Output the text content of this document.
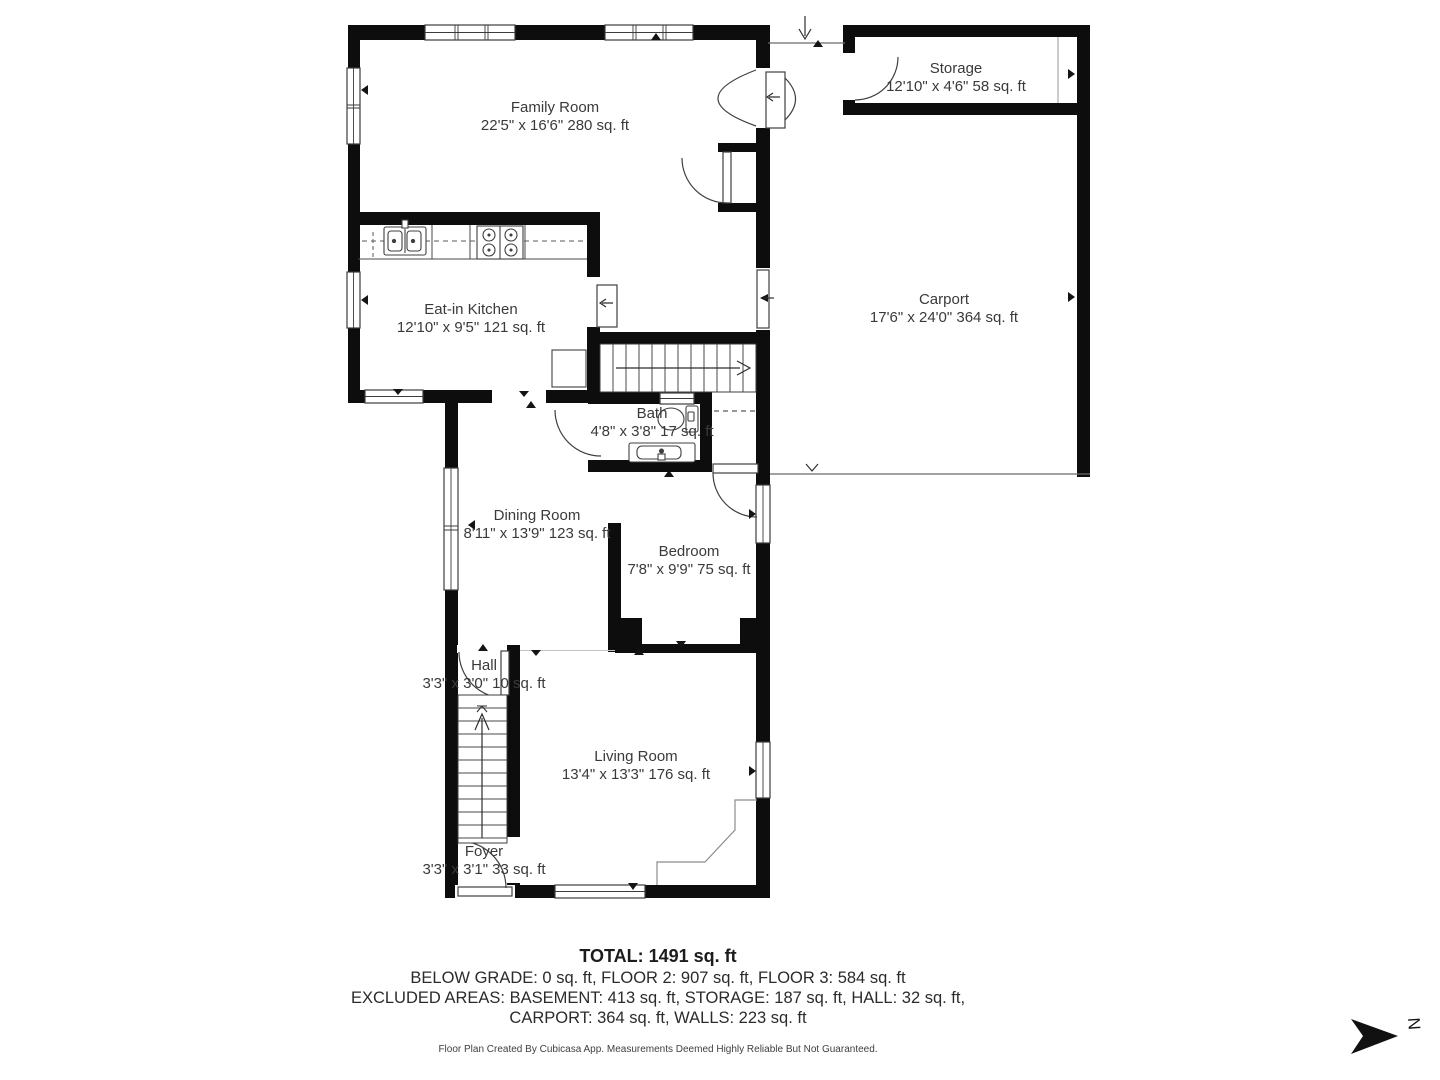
N
Family Room
22'5" x 16'6" 280 sq. ft
Storage
12'10" x 4'6" 58 sq. ft
Carport
17'6" x 24'0" 364 sq. ft
Eat-in Kitchen
12'10" x 9'5" 121 sq. ft
Bath
4'8" x 3'8" 17 sq. ft
Dining Room
8'11" x 13'9" 123 sq. ft
Bedroom
7'8" x 9'9" 75 sq. ft
Hall
3'3" x 3'0" 10 sq. ft
Living Room
13'4" x 13'3" 176 sq. ft
Foyer
3'3" x 3'1" 33 sq. ft
TOTAL: 1491 sq. ft
BELOW GRADE: 0 sq. ft, FLOOR 2: 907 sq. ft, FLOOR 3: 584 sq. ft
EXCLUDED AREAS: BASEMENT: 413 sq. ft, STORAGE: 187 sq. ft, HALL: 32 sq. ft,
CARPORT: 364 sq. ft, WALLS: 223 sq. ft
Floor Plan Created By Cubicasa App. Measurements Deemed Highly Reliable But Not Guaranteed.
